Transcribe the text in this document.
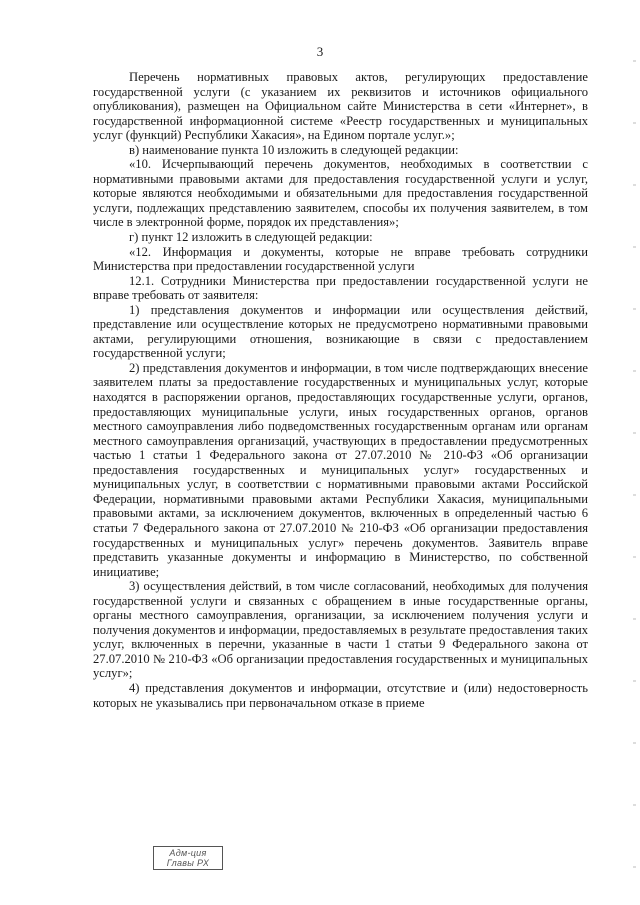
3

Перечень нормативных правовых актов, регулирующих предоставление государственной услуги (с указанием их реквизитов и источников официального опубликования), размещен на Официальном сайте Министерства в сети «Интернет», в государственной информационной системе «Реестр государственных и муниципальных услуг (функций) Республики Хакасия», на Едином портале услуг.»;

в) наименование пункта 10 изложить в следующей редакции:

«10. Исчерпывающий перечень документов, необходимых в соответствии с нормативными правовыми актами для предоставления государственной услуги и услуг, которые являются необходимыми и обязательными для предоставления государственной услуги, подлежащих представлению заявителем, способы их получения заявителем, в том числе в электронной форме, порядок их представления»;

г) пункт 12 изложить в следующей редакции:

«12. Информация и документы, которые не вправе требовать сотрудники Министерства при предоставлении государственной услуги

12.1. Сотрудники Министерства при предоставлении государственной услуги не вправе требовать от заявителя:

1) представления документов и информации или осуществления действий, представление или осуществление которых не предусмотрено нормативными правовыми актами, регулирующими отношения, возникающие в связи с предоставлением государственной услуги;

2) представления документов и информации, в том числе подтверждающих внесение заявителем платы за предоставление государственных и муниципальных услуг, которые находятся в распоряжении органов, предоставляющих государственные услуги, органов, предоставляющих муниципальные услуги, иных государственных органов, органов местного самоуправления либо подведомственных государственным органам или органам местного самоуправления организаций, участвующих в предоставлении предусмотренных частью 1 статьи 1 Федерального закона от 27.07.2010 № 210-ФЗ «Об организации предоставления государственных и муниципальных услуг» государственных и муниципальных услуг, в соответствии с нормативными правовыми актами Российской Федерации, нормативными правовыми актами Республики Хакасия, муниципальными правовыми актами, за исключением документов, включенных в определенный частью 6 статьи 7 Федерального закона от 27.07.2010 № 210-ФЗ «Об организации предоставления государственных и муниципальных услуг» перечень документов. Заявитель вправе представить указанные документы и информацию в Министерство, по собственной инициативе;

3) осуществления действий, в том числе согласований, необходимых для получения государственной услуги и связанных с обращением в иные государственные органы, органы местного самоуправления, организации, за исключением получения услуги и получения документов и информации, предоставляемых в результате предоставления таких услуг, включенных в перечни, указанные в части 1 статьи 9 Федерального закона от 27.07.2010 № 210-ФЗ «Об организации предоставления государственных и муниципальных услуг»;

4) представления документов и информации, отсутствие и (или) недостоверность которых не указывались при первоначальном отказе в приеме

Адм-ция
Главы РХ
